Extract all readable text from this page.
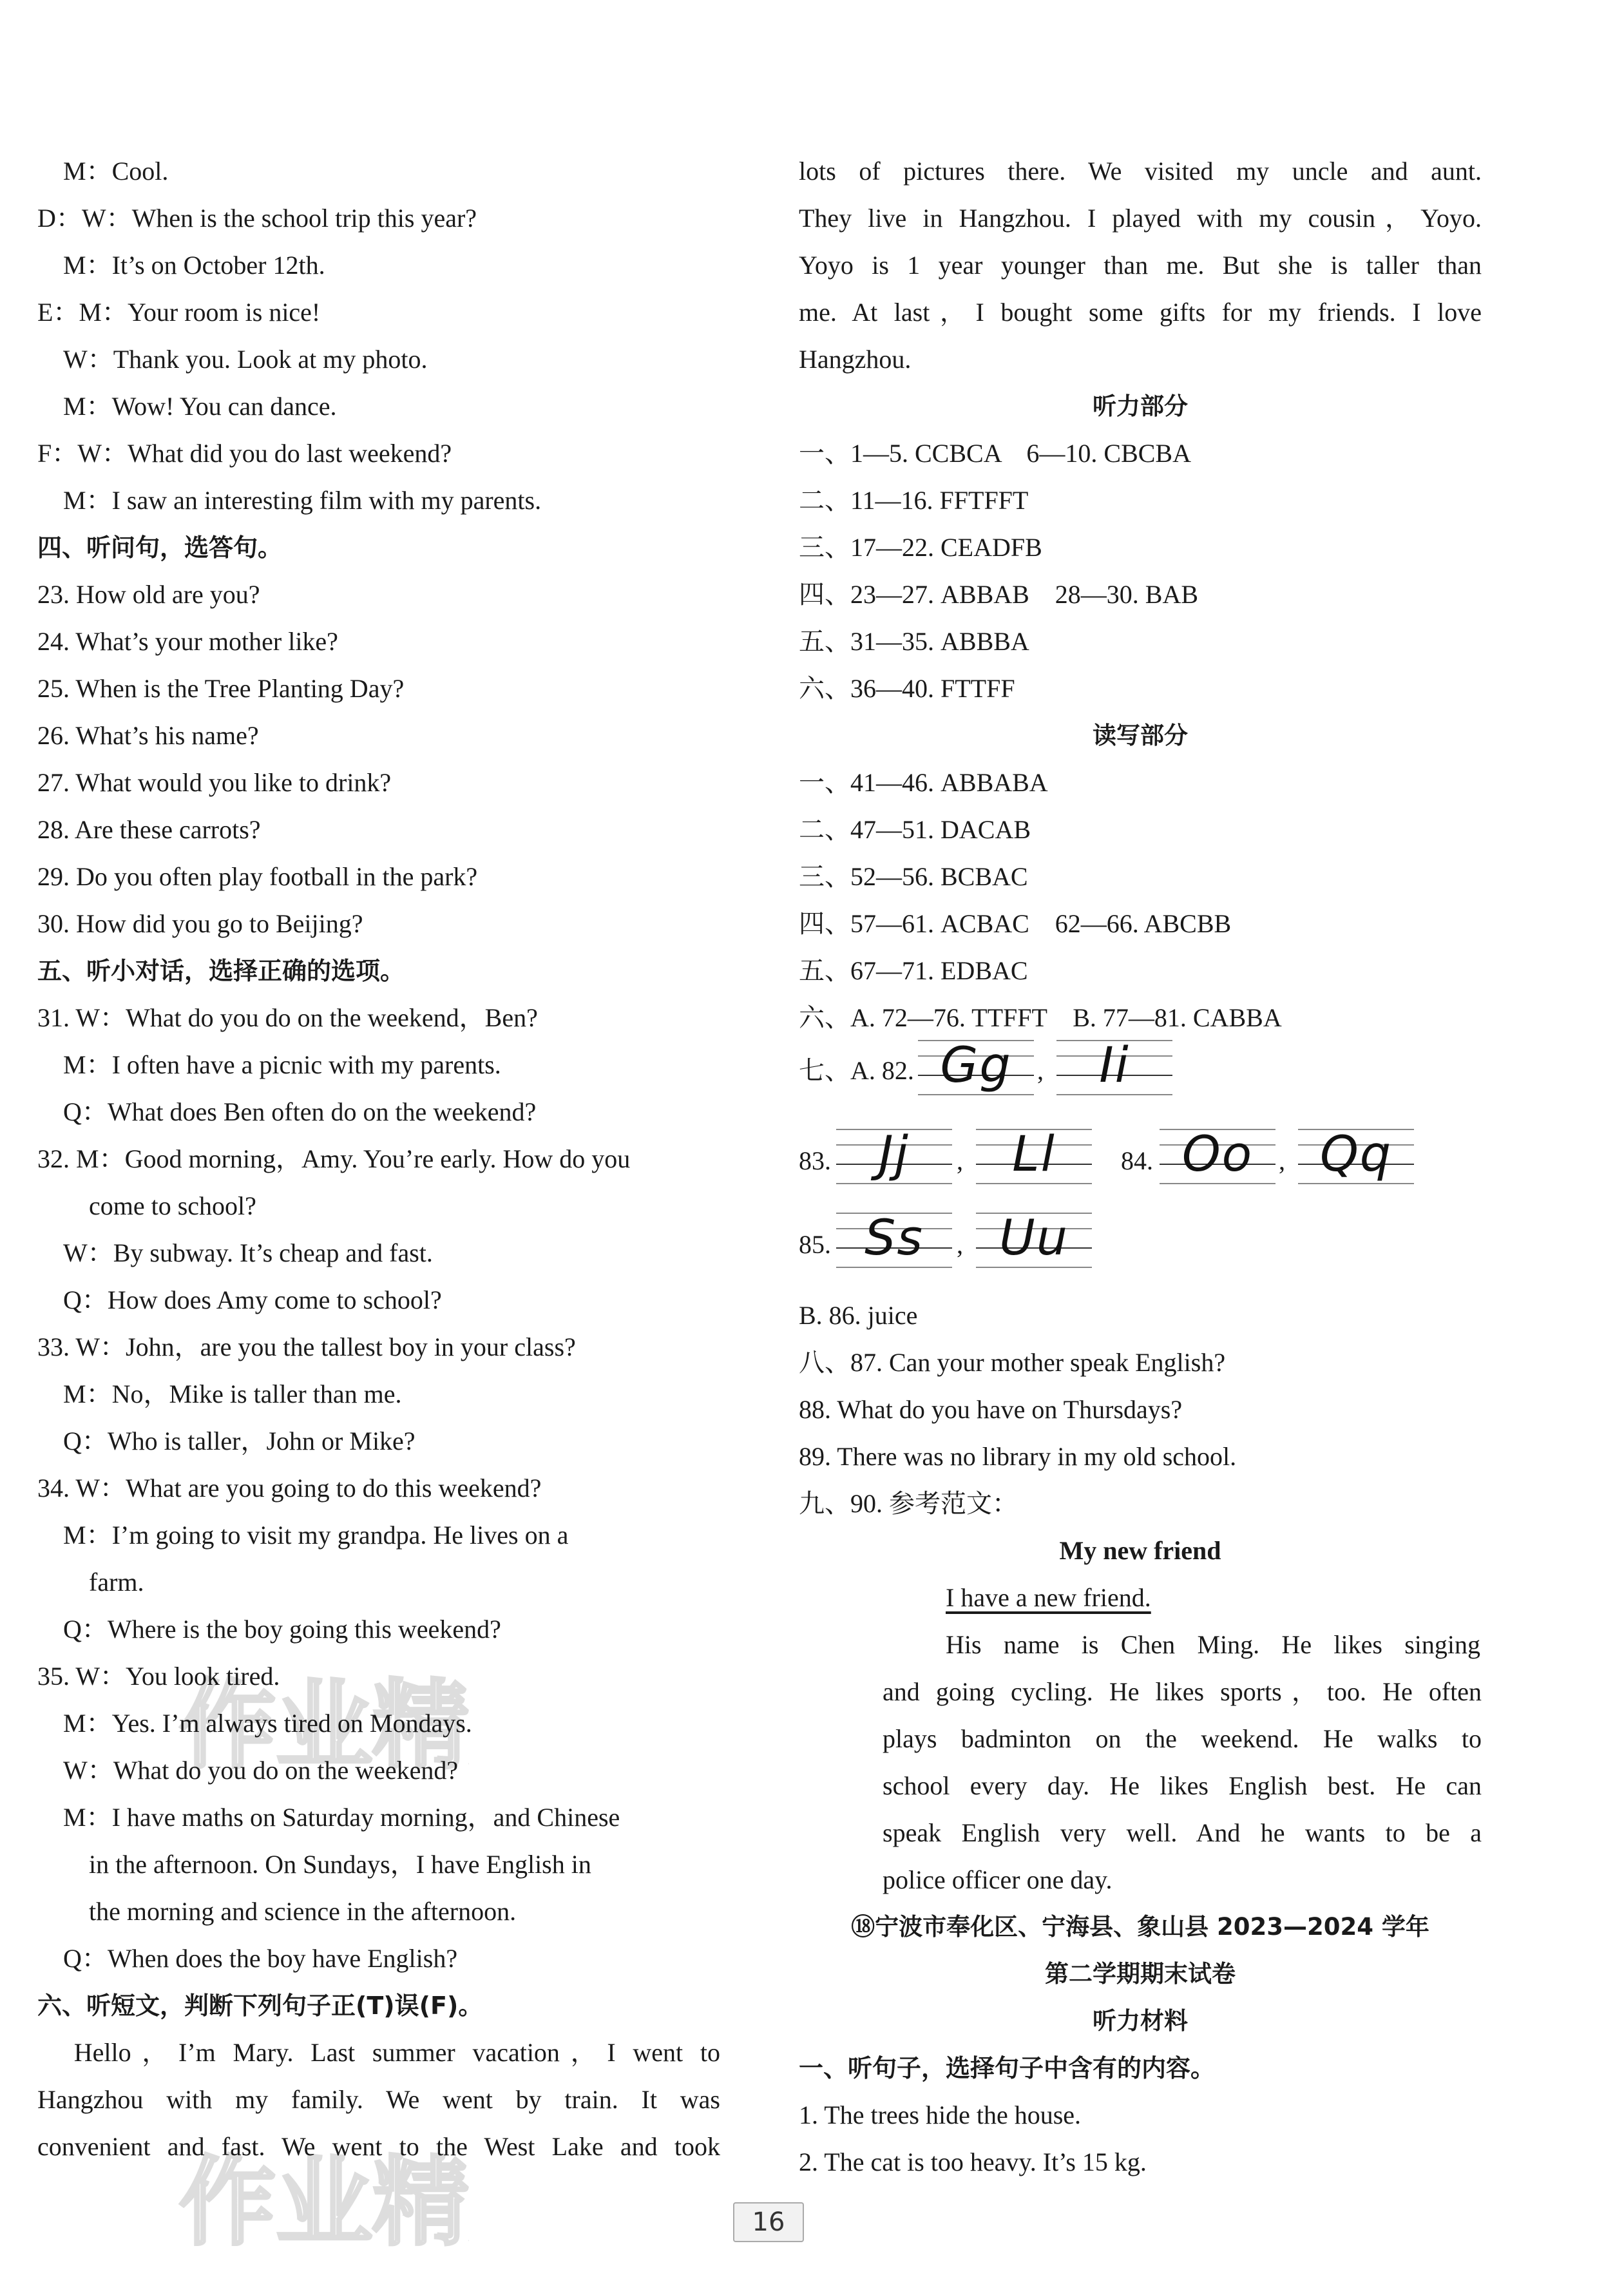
　M：Cool.
D：W：When is the school trip this year?
　M：It’s on October 12th.
E：M：Your room is nice!
　W：Thank you. Look at my photo.
　M：Wow! You can dance.
F：W：What did you do last weekend?
　M：I saw an interesting film with my parents.
四、听问句，选答句。
23. How old are you?
24. What’s your mother like?
25. When is the Tree Planting Day?
26. What’s his name?
27. What would you like to drink?
28. Are these carrots?
29. Do you often play football in the park?
30. How did you go to Beijing?
五、听小对话，选择正确的选项。
31. W：What do you do on the weekend，Ben?
　M：I often have a picnic with my parents.
　Q：What does Ben often do on the weekend?
32. M：Good morning，Amy. You’re early. How do you
　　come to school?
　W：By subway. It’s cheap and fast.
　Q：How does Amy come to school?
33. W：John，are you the tallest boy in your class?
　M：No，Mike is taller than me.
　Q：Who is taller，John or Mike?
34. W：What are you going to do this weekend?
　M：I’m going to visit my grandpa. He lives on a
　　farm.
　Q：Where is the boy going this weekend?
35. W：You look tired.
　M：Yes. I’m always tired on Mondays.
　W：What do you do on the weekend?
　M：I have maths on Saturday morning，and Chinese
　　in the afternoon. On Sundays，I have English in
　　the morning and science in the afternoon.
　Q：When does the boy have English?
六、听短文，判断下列句子正(T)误(F)。
　Hello，I’m Mary. Last summer vacation，I went to
Hangzhou with my family. We went by train. It was
convenient and fast. We went to the West Lake and took
lots of pictures there. We visited my uncle and aunt.
They live in Hangzhou. I played with my cousin，Yoyo.
Yoyo is 1 year younger than me. But she is taller than
me. At last，I bought some gifts for my friends. I love
Hangzhou.
听力部分
一、1—5. CCBCA　6—10. CBCBA
二、11—16. FFTFFT
三、17—22. CEADFB
四、23—27. ABBAB　28—30. BAB
五、31—35. ABBBA
六、36—40. FTTFF
读写部分
一、41—46. ABBABA
二、47—51. DACAB
三、52—56. BCBAC
四、57—61. ACBAC　62—66. ABCBB
五、67—71. EDBAC
六、A. 72—76. TTFFT　B. 77—81. CABBA
七、A. 82. Gg ,	Ii
83. Jj	,	Ll	84. Oo , Qq
85. Ss	, Uu
B. 86. juice
八、87. Can your mother speak English?
88. What do you have on Thursdays?
89. There was no library in my old school.
九、90. 参考范文：
My new friend
I have a new friend.
His name is Chen Ming. He likes singing
and going cycling. He likes sports，too. He often
plays badminton on the weekend. He walks to
school every day. He likes English best. He can
speak English very well. And he wants to be a
police officer one day.
⑱宁波市奉化区、宁海县、象山县 2023—2024 学年
第二学期期末试卷
听力材料
一、听句子，选择句子中含有的内容。
1. The trees hide the house.
2. The cat is too heavy. It’s 15 kg.
16
作业精
作业精
